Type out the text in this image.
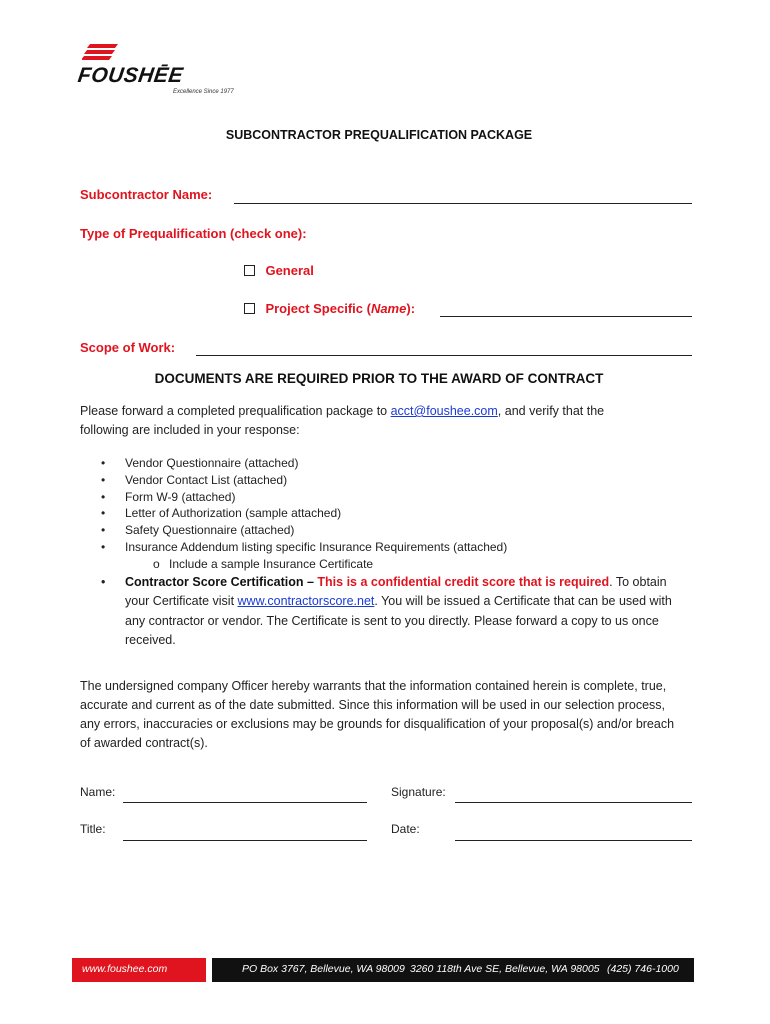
FOUSHĒE
Excellence Since 1977
SUBCONTRACTOR PREQUALIFICATION PACKAGE
Subcontractor Name:
Type of Prequalification (check one):
General
Project Specific (Name):
Scope of Work:
DOCUMENTS ARE REQUIRED PRIOR TO THE AWARD OF CONTRACT
Please forward a completed prequalification package to acct@foushee.com, and verify that the following are included in your response:
• Vendor Questionnaire (attached)
• Vendor Contact List (attached)
• Form W-9 (attached)
• Letter of Authorization (sample attached)
• Safety Questionnaire (attached)
• Insurance Addendum listing specific Insurance Requirements (attached)
o Include a sample Insurance Certificate
• Contractor Score Certification – This is a confidential credit score that is required. To obtain your Certificate visit www.contractorscore.net. You will be issued a Certificate that can be used with any contractor or vendor. The Certificate is sent to you directly. Please forward a copy to us once received.
The undersigned company Officer hereby warrants that the information contained herein is complete, true, accurate and current as of the date submitted. Since this information will be used in our selection process, any errors, inaccuracies or exclusions may be grounds for disqualification of your proposal(s) and/or breach of awarded contract(s).
Name:	Signature:
Title:	Date:
www.foushee.com	PO Box 3767, Bellevue, WA 98009 3260 118th Ave SE, Bellevue, WA 98005 (425) 746-1000
